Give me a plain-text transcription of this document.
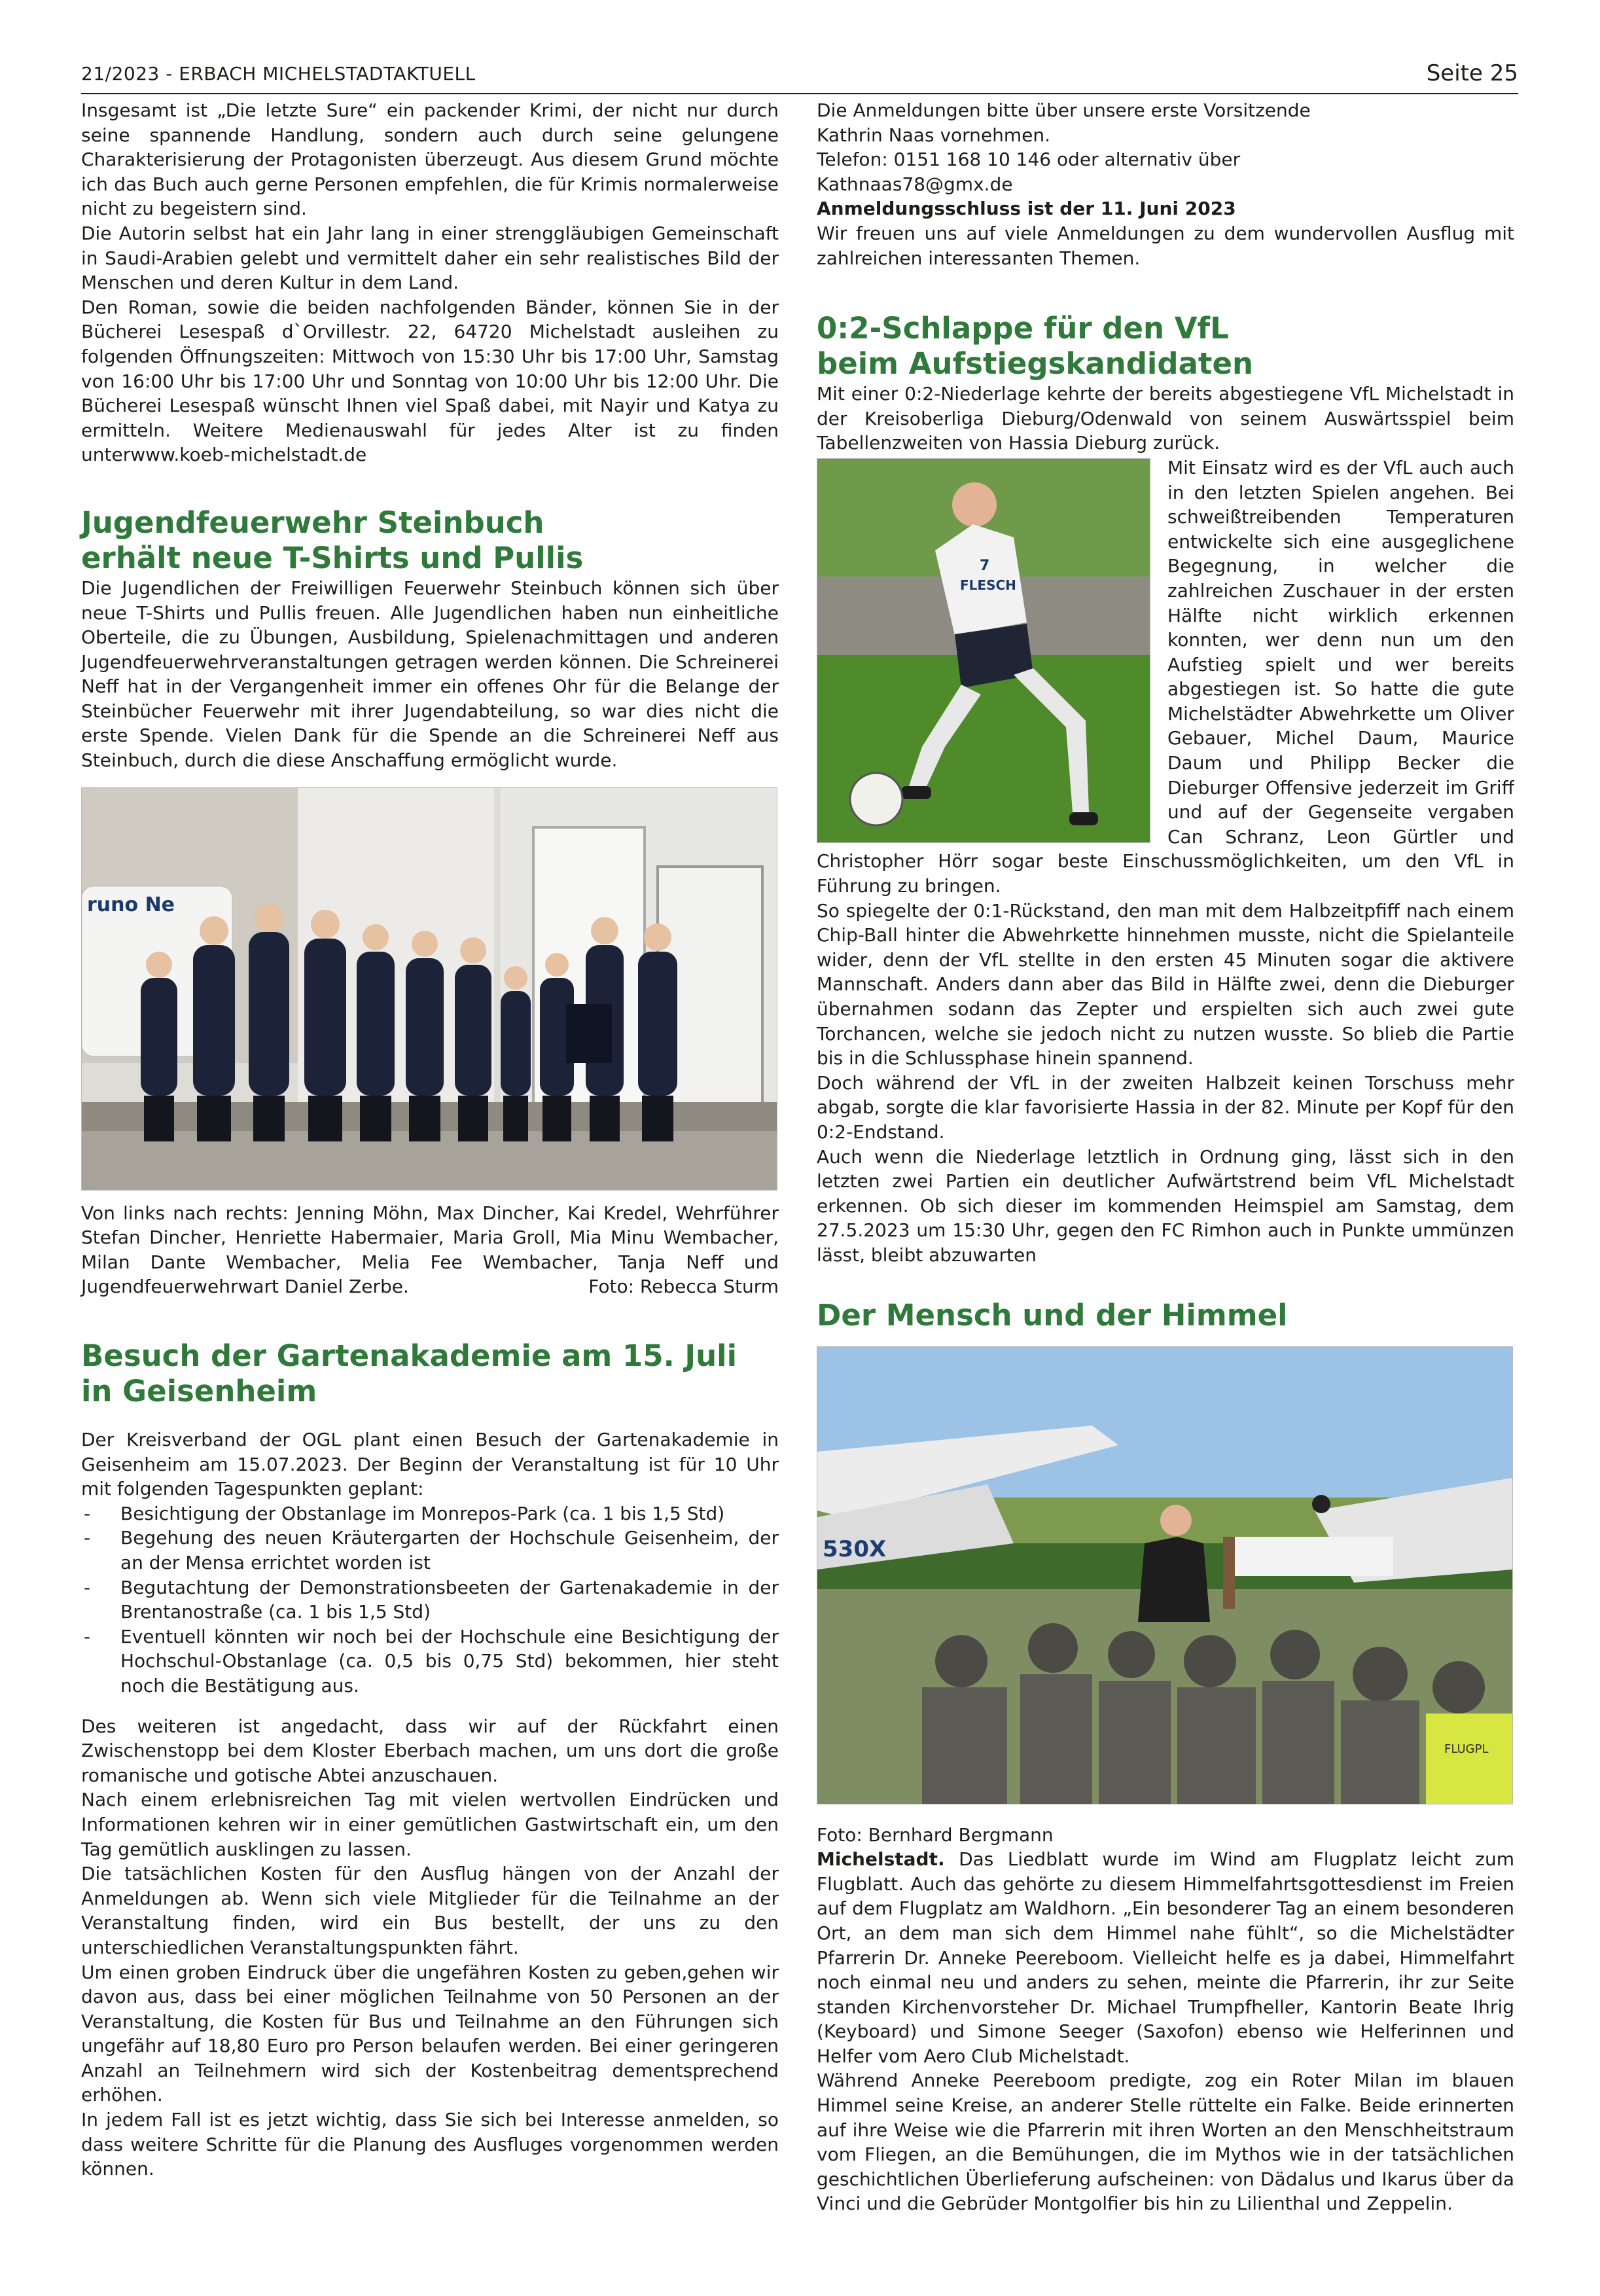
21/2023 - ERBACH MICHELSTADTAKTUELL	Seite 25

Insgesamt ist „Die letzte Sure“ ein packender Krimi, der nicht nur durch seine spannende Handlung, sondern auch durch seine gelungene Charakterisierung der Protagonisten überzeugt. Aus diesem Grund möchte ich das Buch auch gerne Personen empfehlen, die für Krimis normalerweise nicht zu begeistern sind.

Die Autorin selbst hat ein Jahr lang in einer strenggläubigen Gemeinschaft in Saudi-Arabien gelebt und vermittelt daher ein sehr realistisches Bild der Menschen und deren Kultur in dem Land.

Den Roman, sowie die beiden nachfolgenden Bänder, können Sie in der Bücherei Lesespaß d`Orvillestr. 22, 64720 Michelstadt ausleihen zu folgenden Öffnungszeiten: Mittwoch von 15:30 Uhr bis 17:00 Uhr, Samstag von 16:00 Uhr bis 17:00 Uhr und Sonntag von 10:00 Uhr bis 12:00 Uhr. Die Bücherei Lesespaß wünscht Ihnen viel Spaß dabei, mit Nayir und Katya zu ermitteln. Weitere Medienauswahl für jedes Alter ist zu finden unterwww.koeb-michelstadt.de

Jugendfeuerwehr Steinbuch
erhält neue T-Shirts und Pullis

Die Jugendlichen der Freiwilligen Feuerwehr Steinbuch können sich über neue T-Shirts und Pullis freuen. Alle Jugendlichen haben nun einheitliche Oberteile, die zu Übungen, Ausbildung, Spielenachmittagen und anderen Jugendfeuerwehrveranstaltungen getragen werden können. Die Schreinerei Neff hat in der Vergangenheit immer ein offenes Ohr für die Belange der Steinbücher Feuerwehr mit ihrer Jugendabteilung, so war dies nicht die erste Spende. Vielen Dank für die Spende an die Schreinerei Neff aus Steinbuch, durch die diese Anschaffung ermöglicht wurde.

runo Ne

Von links nach rechts: Jenning Möhn, Max Dincher, Kai Kredel, Wehrführer Stefan Dincher, Henriette Habermaier, Maria Groll, Mia Minu Wembacher, Milan Dante Wembacher, Melia Fee Wembacher, Tanja Neff und Jugendfeuerwehrwart Daniel Zerbe.	Foto: Rebecca Sturm
Besuch der Gartenakademie am 15. Juli
in Geisenheim

Der Kreisverband der OGL plant einen Besuch der Gartenakademie in Geisenheim am 15.07.2023. Der Beginn der Veranstaltung ist für 10 Uhr mit folgenden Tagespunkten geplant:

- Besichtigung der Obstanlage im Monrepos-Park (ca. 1 bis 1,5 Std)
- Begehung des neuen Kräutergarten der Hochschule Geisenheim, der an der Mensa errichtet worden ist
- Begutachtung der Demonstrationsbeeten der Gartenakademie in der Brentanostraße (ca. 1 bis 1,5 Std)
- Eventuell könnten wir noch bei der Hochschule eine Besichtigung der Hochschul-Obstanlage (ca. 0,5 bis 0,75 Std) bekommen, hier steht noch die Bestätigung aus.

Des weiteren ist angedacht, dass wir auf der Rückfahrt einen Zwischenstopp bei dem Kloster Eberbach machen, um uns dort die große romanische und gotische Abtei anzuschauen.

Nach einem erlebnisreichen Tag mit vielen wertvollen Eindrücken und Informationen kehren wir in einer gemütlichen Gastwirtschaft ein, um den Tag gemütlich ausklingen zu lassen.

Die tatsächlichen Kosten für den Ausflug hängen von der Anzahl der Anmeldungen ab. Wenn sich viele Mitglieder für die Teilnahme an der Veranstaltung finden, wird ein Bus bestellt, der uns zu den unterschiedlichen Veranstaltungspunkten fährt.

Um einen groben Eindruck über die ungefähren Kosten zu geben,gehen wir davon aus, dass bei einer möglichen Teilnahme von 50 Personen an der Veranstaltung, die Kosten für Bus und Teilnahme an den Führungen sich ungefähr auf 18,80 Euro pro Person belaufen werden. Bei einer geringeren Anzahl an Teilnehmern wird sich der Kostenbeitrag dementsprechend erhöhen.

In jedem Fall ist es jetzt wichtig, dass Sie sich bei Interesse anmelden, so dass weitere Schritte für die Planung des Ausfluges vorgenommen werden können.

Die Anmeldungen bitte über unsere erste Vorsitzende

Kathrin Naas vornehmen.

Telefon: 0151 168 10 146 oder alternativ über

Kathnaas78@gmx.de

Anmeldungsschluss ist der 11. Juni 2023

Wir freuen uns auf viele Anmeldungen zu dem wundervollen Ausflug mit zahlreichen interessanten Themen.

0:2-Schlappe für den VfL
beim Aufstiegskandidaten

Mit einer 0:2-Niederlage kehrte der bereits abgestiegene VfL Michelstadt in der Kreisoberliga Dieburg/Odenwald von seinem Auswärtsspiel beim Tabellenzweiten von Hassia Dieburg zurück.

7
FLESCH

Mit Einsatz wird es der VfL auch auch in den letzten Spielen angehen. Bei schweißtreibenden Temperaturen entwickelte sich eine ausgeglichene Begegnung, in welcher die zahlreichen Zuschauer in der ersten Hälfte nicht wirklich erkennen konnten, wer denn nun um den Aufstieg spielt und wer bereits abgestiegen ist. So hatte die gute Michelstädter Abwehrkette um Oliver Gebauer, Michel Daum, Maurice Daum und Philipp Becker die Dieburger Offensive jederzeit im Griff und auf der Gegenseite vergaben Can Schranz, Leon Gürtler und Christopher Hörr sogar beste Einschussmöglichkeiten, um den VfL in Führung zu bringen.

So spiegelte der 0:1-Rückstand, den man mit dem Halbzeitpfiff nach einem Chip-Ball hinter die Abwehrkette hinnehmen musste, nicht die Spielanteile wider, denn der VfL stellte in den ersten 45 Minuten sogar die aktivere Mannschaft. Anders dann aber das Bild in Hälfte zwei, denn die Dieburger übernahmen sodann das Zepter und erspielten sich auch zwei gute Torchancen, welche sie jedoch nicht zu nutzen wusste. So blieb die Partie bis in die Schlussphase hinein spannend.

Doch während der VfL in der zweiten Halbzeit keinen Torschuss mehr abgab, sorgte die klar favorisierte Hassia in der 82. Minute per Kopf für den 0:2-Endstand.

Auch wenn die Niederlage letztlich in Ordnung ging, lässt sich in den letzten zwei Partien ein deutlicher Aufwärtstrend beim VfL Michelstadt erkennen. Ob sich dieser im kommenden Heimspiel am Samstag, dem 27.5.2023 um 15:30 Uhr, gegen den FC Rimhon auch in Punkte ummünzen lässt, bleibt abzuwarten

Der Mensch und der Himmel
530X
FLUGPL

Foto: Bernhard Bergmann

Michelstadt. Das Liedblatt wurde im Wind am Flugplatz leicht zum Flugblatt. Auch das gehörte zu diesem Himmelfahrtsgottesdienst im Freien auf dem Flugplatz am Waldhorn. „Ein besonderer Tag an einem besonderen Ort, an dem man sich dem Himmel nahe fühlt“, so die Michelstädter Pfarrerin Dr. Anneke Peereboom. Vielleicht helfe es ja dabei, Himmelfahrt noch einmal neu und anders zu sehen, meinte die Pfarrerin, ihr zur Seite standen Kirchenvorsteher Dr. Michael Trumpfheller, Kantorin Beate Ihrig (Keyboard) und Simone Seeger (Saxofon) ebenso wie Helferinnen und Helfer vom Aero Club Michelstadt.

Während Anneke Peereboom predigte, zog ein Roter Milan im blauen Himmel seine Kreise, an anderer Stelle rüttelte ein Falke. Beide erinnerten auf ihre Weise wie die Pfarrerin mit ihren Worten an den Menschheitstraum vom Fliegen, an die Bemühungen, die im Mythos wie in der tatsächlichen geschichtlichen Überlieferung aufscheinen: von Dädalus und Ikarus über da Vinci und die Gebrüder Montgolfier bis hin zu Lilienthal und Zeppelin.
